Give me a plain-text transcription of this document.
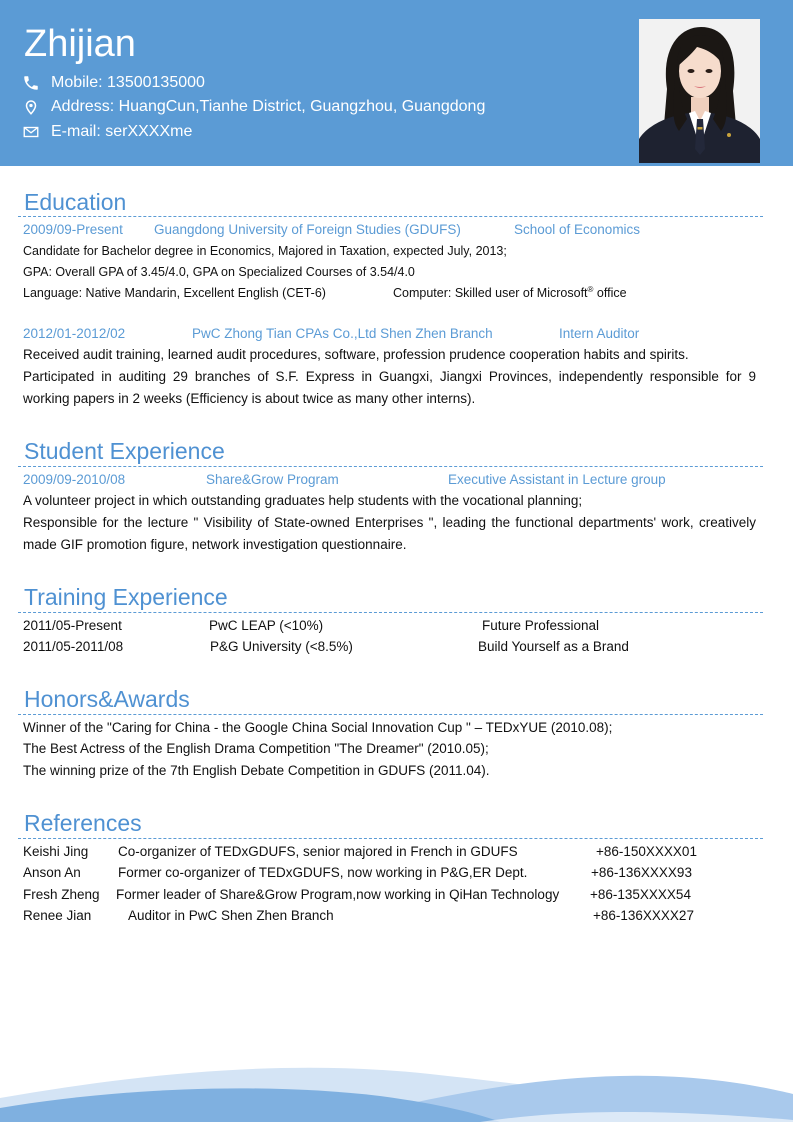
Zhijian
Mobile: 13500135000
Address: HuangCun,Tianhe District, Guangzhou, Guangdong
E-mail: serXXXXme
Education
2009/09-Present Guangdong University of Foreign Studies (GDUFS)	School of Economics
Candidate for Bachelor degree in Economics, Majored in Taxation, expected July, 2013;
GPA: Overall GPA of 3.45/4.0, GPA on Specialized Courses of 3.54/4.0
Language: Native Mandarin, Excellent English (CET-6)	Computer: Skilled user of Microsoft® office
2012/01-2012/02	PwC Zhong Tian CPAs Co.,Ltd Shen Zhen Branch	Intern Auditor
Received audit training, learned audit procedures, software, profession prudence cooperation habits and spirits.
Participated in auditing 29 branches of S.F. Express in Guangxi, Jiangxi Provinces, independently responsible for 9 working papers in 2 weeks (Efficiency is about twice as many other interns).
Student Experience
2009/09-2010/08	Share&Grow Program	Executive Assistant in Lecture group
A volunteer project in which outstanding graduates help students with the vocational planning;
Responsible for the lecture " Visibility of State-owned Enterprises ", leading the functional departments' work, creatively made GIF promotion figure, network investigation questionnaire.
Training Experience
2011/05-Present	PwC LEAP (<10%)	Future Professional
2011/05-2011/08	P&G University (<8.5%)	Build Yourself as a Brand
Honors&Awards
Winner of the "Caring for China - the Google China Social Innovation Cup " – TEDxYUE (2010.08);
The Best Actress of the English Drama Competition "The Dreamer" (2010.05);
The winning prize of the 7th English Debate Competition in GDUFS (2011.04).
References
Keishi Jing Co-organizer of TEDxGDUFS, senior majored in French in GDUFS	+86-150XXXX01
Anson An	Former co-organizer of TEDxGDUFS, now working in P&G,ER Dept.	+86-136XXXX93
Fresh Zheng Former leader of Share&Grow Program,now working in QiHan Technology +86-135XXXX54
Renee Jian	Auditor in PwC Shen Zhen Branch	+86-136XXXX27
